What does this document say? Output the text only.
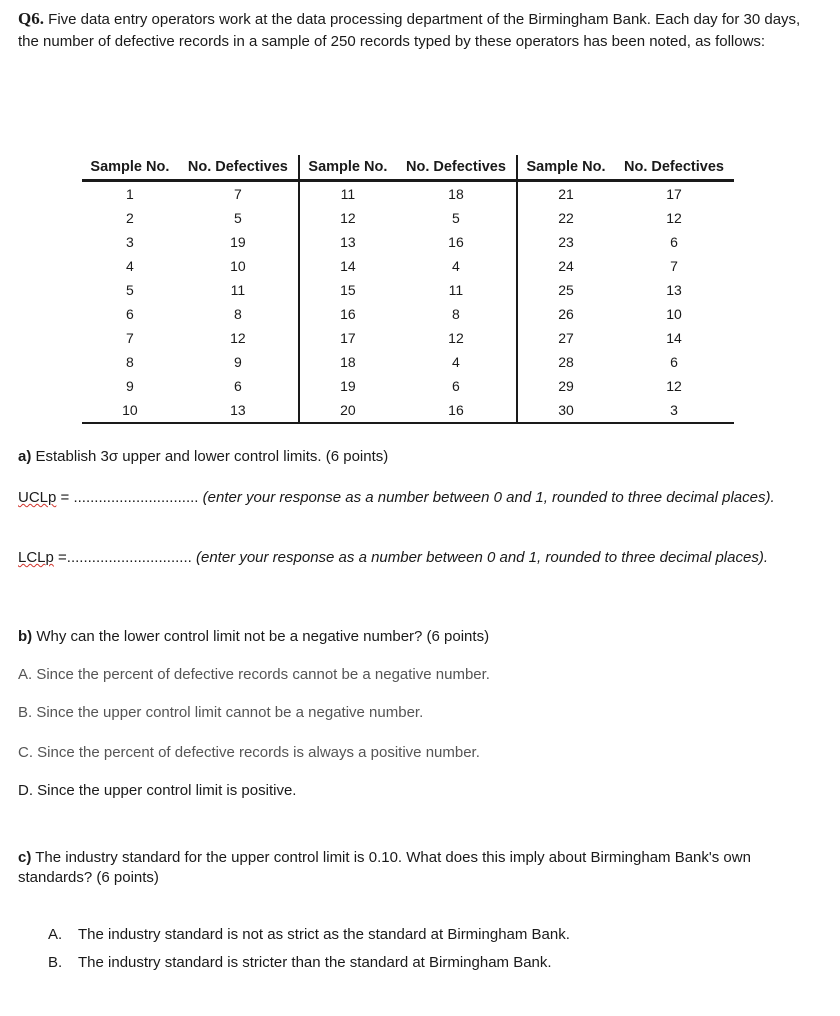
Q6. Five data entry operators work at the data processing department of the Birmingham Bank. Each day for 30 days, the number of defective records in a sample of 250 records typed by these operators has been noted, as follows:
Sample No.	No. Defectives	Sample No.	No. Defectives	Sample No.	No. Defectives
1	7	11	18	21	17
2	5	12	5	22	12
3	19	13	16	23	6
4	10	14	4	24	7
5	11	15	11	25	13
6	8	16	8	26	10
7	12	17	12	27	14
8	9	18	4	28	6
9	6	19	6	29	12
10	13	20	16	30	3
a) Establish 3σ upper and lower control limits. (6 points)
UCLp = .............................. (enter your response as a number between 0 and 1, rounded to three decimal places).
LCLp =.............................. (enter your response as a number between 0 and 1, rounded to three decimal places).
b) Why can the lower control limit not be a negative number? (6 points)
A. Since the percent of defective records cannot be a negative number.
B. Since the upper control limit cannot be a negative number.
C. Since the percent of defective records is always a positive number.
D. Since the upper control limit is positive.
c) The industry standard for the upper control limit is 0.10. What does this imply about Birmingham Bank's own standards? (6 points)
A. The industry standard is not as strict as the standard at Birmingham Bank.
B. The industry standard is stricter than the standard at Birmingham Bank.
